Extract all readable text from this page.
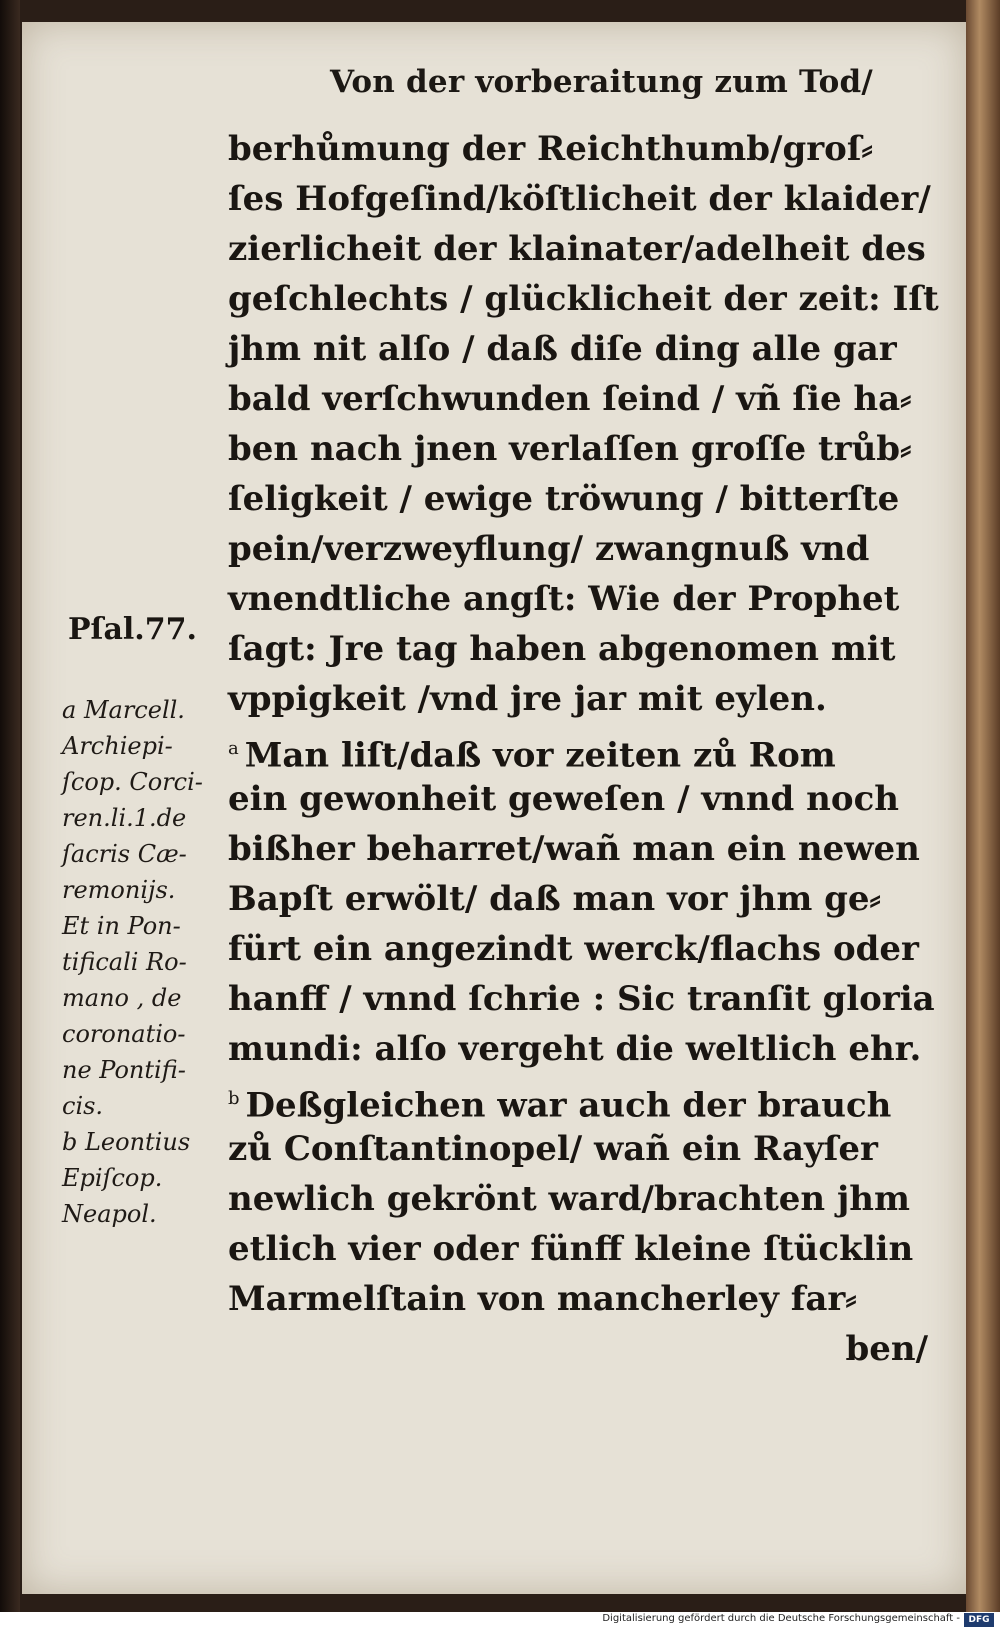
Von der vorberaitung zum Tod/
berhůmung der Reichthumb/groſ⸗
ſes Hofgeſind/köſtlicheit der klaider/
zierlicheit der klainater/adelheit des
geſchlechts / glücklicheit der zeit: Iſt
jhm nit alſo / daß diſe ding alle gar
bald verſchwunden ſeind / vñ ſie ha⸗
ben nach jnen verlaſſen groſſe trůb⸗
ſeligkeit / ewige tröwung / bitterſte
pein/verzweyflung/ zwangnuß vnd
vnendtliche angſt: Wie der Prophet
ſagt: Jre tag haben abgenomen mit
vppigkeit /vnd jre jar mit eylen.
$^a$ Man liſt/daß vor zeiten zů Rom
ein gewonheit geweſen / vnnd noch
bißher beharret/wañ man ein newen
Bapſt erwölt/ daß man vor jhm ge⸗
fürt ein angezindt werck/flachs oder
hanff / vnnd ſchrie : Sic tranſit gloria
mundi: alſo vergeht die weltlich ehr.
$^b$ Deßgleichen war auch der brauch
zů Conſtantinopel/ wañ ein Rayſer
newlich gekrönt ward/brachten jhm
etlich vier oder fünff kleine ſtücklin
Marmelſtain von mancherley far⸗
ben/
Pſal.77.
a Marcell.
Archiepi-
ſcop. Corci-
ren.li.1.de
ſacris Cæ-
remonijs.
Et in Pon-
tificali Ro-
mano , de
coronatio-
ne Pontifi-
cis.
b Leontius
Epiſcop.
Neapol.
Digitalisierung gefördert durch die Deutsche Forschungsgemeinschaft - DFG
